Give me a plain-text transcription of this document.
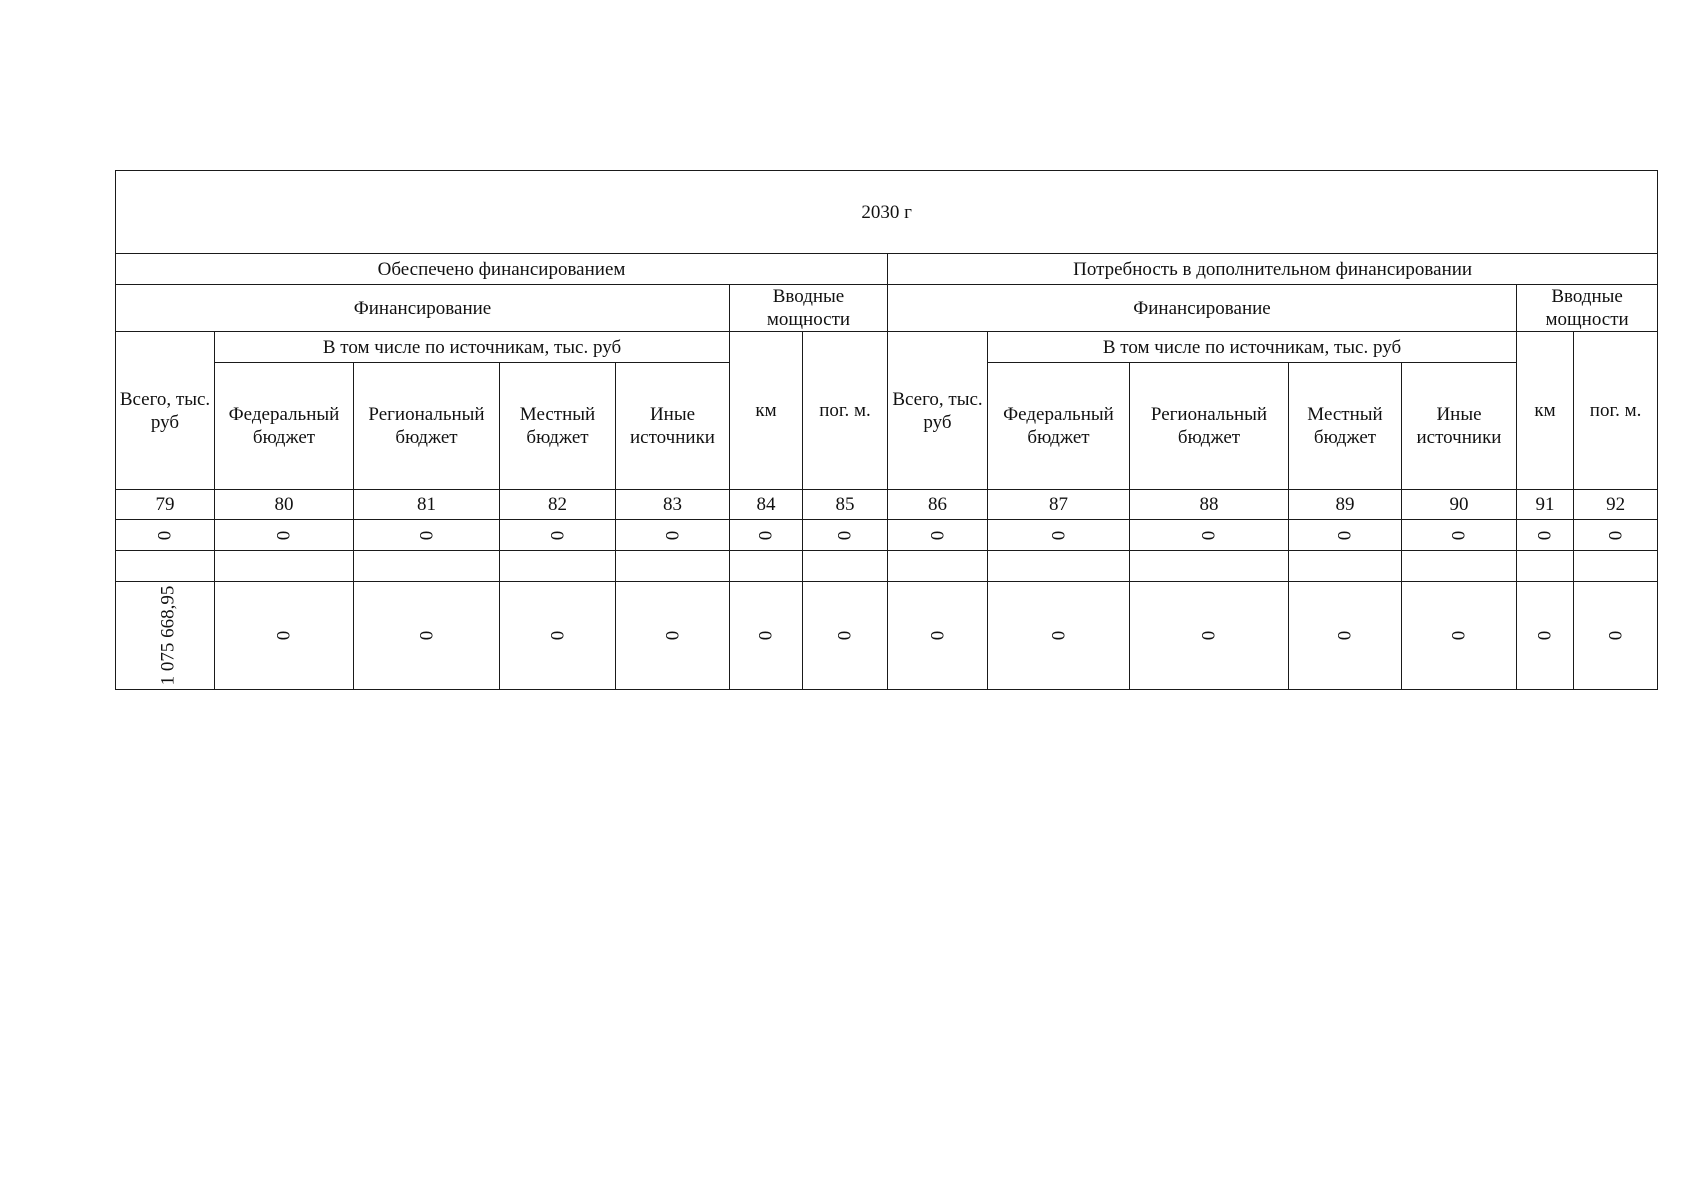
2030 г													
Обеспечено финансированием							Потребность в дополнительном финансировании						
Финансирование					Вводные мощности		Финансирование					Вводные мощности	
Всего, тыс. руб	В том числе по источникам, тыс. руб				км	пог. м.	Всего, тыс. руб	В том числе по источникам, тыс. руб				км	пог. м.
	Федеральный бюджет	Региональный бюджет	Местный бюджет	Иные источники				Федеральный бюджет	Региональный бюджет	Местный бюджет	Иные источники		
79	80	81	82	83	84	85	86	87	88	89	90	91	92
0	0	0	0	0	0	0	0	0	0	0	0	0	0

1 075 668,95	0	0	0	0	0	0	0	0	0	0	0	0	0
